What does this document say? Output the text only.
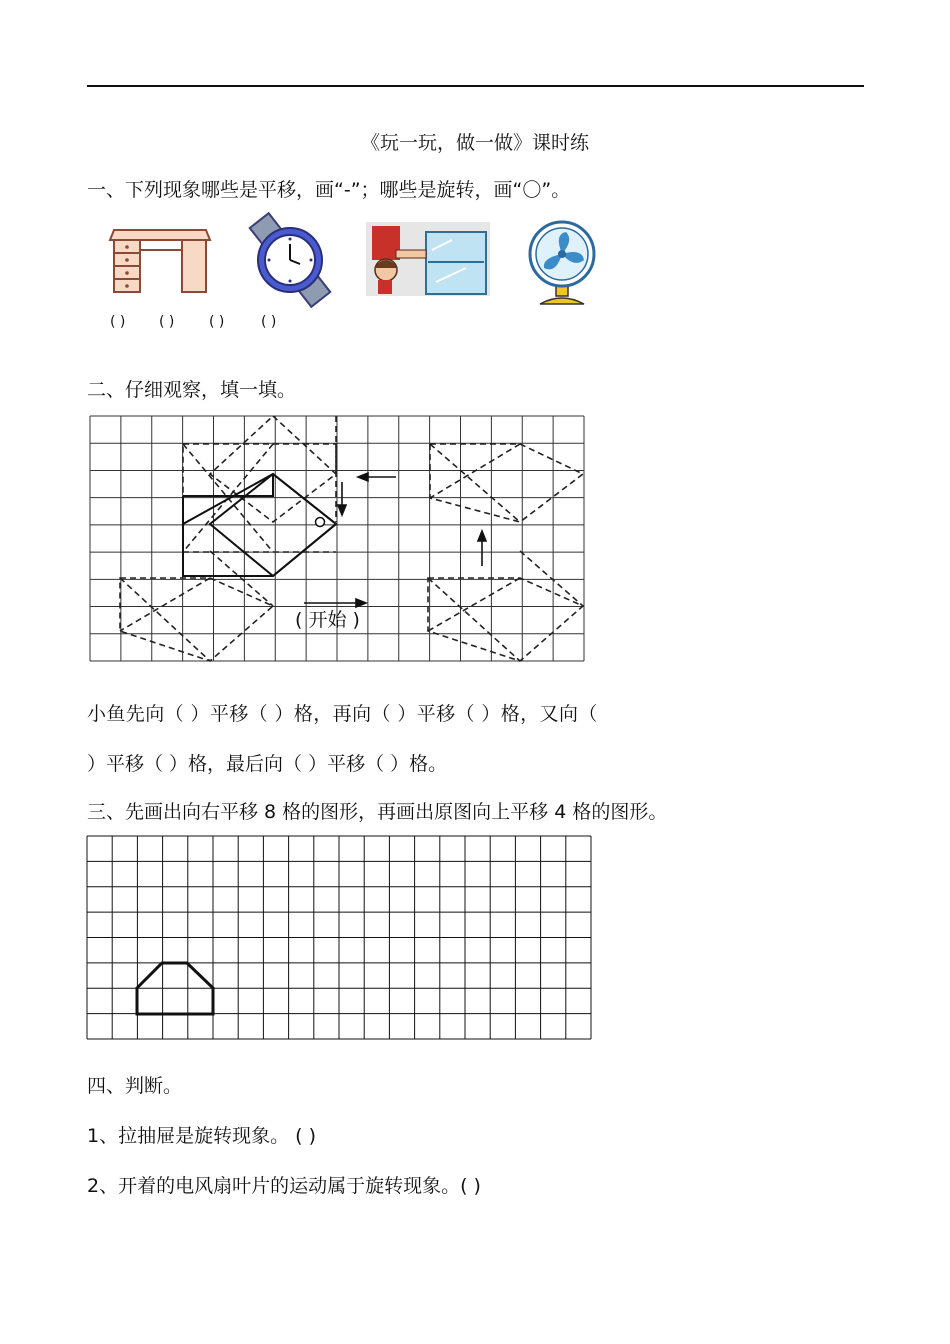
《玩一玩，做一做》课时练
一、下列现象哪些是平移，画“-”；哪些是旋转，画“〇”。
( ) ( ) ( )	( )
二、仔细观察，填一填。
( 开始 )
小鱼先向（ ）平移（ ）格，再向（ ）平移（ ）格，又向（
）平移（ ）格，最后向（ ）平移（ ）格。
三、先画出向右平移 8 格的图形，再画出原图向上平移 4 格的图形。
四、判断。
1、拉抽屉是旋转现象。 ( )
2、开着的电风扇叶片的运动属于旋转现象。( )
